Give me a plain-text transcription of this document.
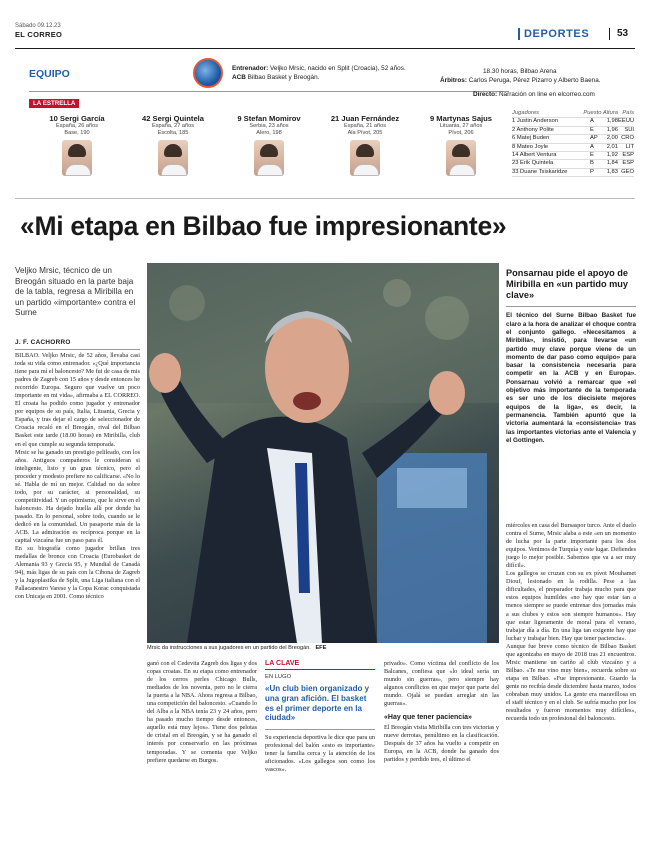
Sábado 09.12.23
EL CORREO	DEPORTES	53
EQUIPO	Entrenador: Veljko Mrsic, nacido en Split (Croacia), 52 años.
ACB Bilbao Basket y Breogán.
LA ESTRELLA
10 Sergi García
España, 26 años
Base, 190
42 Sergi Quintela
España, 27 años
Escolta, 185
9 Stefan Momirov
Serbia, 23 años
Alero, 198
21 Juan Fernández
España, 21 años
Ala Pívot, 205
9 Martynas Sajus
Lituania, 27 años
Pívot, 206
18.30 horas, Bilbao Arena
Árbitros: Carlos Peruga, Pérez Pizarro y Alberto Baena.
Directo: Narración on line en elcorreo.com
Jugadores	Puesto Altura País
1 Justin Anderson	A	1,98 EEUU
2 Anthony Polite	E	1,96	SUI
6 Matej Buden	AP	2,00 CRO
8 Mateo Joyle	A	2,01	LIT
14 Albert Ventura	E	1,92 ESP
23 Erik Quintela	B	1,84 ESP
33 Duane Tsiskaridze	P	1,83 GEO
«Mi etapa en Bilbao fue impresionante»
Veljko Mrsic, técnico de un Breogán situado en la parte baja de la tabla, regresa a Miribilla en un partido «importante» contra el Surne
J. F. CACHORRO
BILBAO. Veljko Mrsic, de 52 años, llevaba casi toda su vida como entrenador. «¿Qué importancia tiene para mí el baloncesto? Me fui de casa de mis padres de Zagreb con 15 años y desde entonces he recorrido Europa. Seguro que vuelve un poco importante en mi vida», afirmaba a EL CORREO. El croata ha podido como jugador y entrenador por equipos de su país, Italia, Lituania, Grecia y España, y tras dejar el cargo de seleccionador de Croacia recaló en el Breogán, rival del Bilbao Basket este tarde (18.00 horas) en Miribilla, club en el que cumple su segunda temporada.
Mrsic se ha ganado un prestigio pelileado, con los años. Antiguos compañeros le consideran si inteligente, listo y un gran técnico, pero el proceder y modesto prefiere no calificarse. «No lo sé. Habla de mí un mejor. Calidad no da sobre todo, por su carácter, si personalidad, su competitividad. Y un optimismo, que le sirve en el baloncesto. Ha dejado huella allí por donde ha pasado. En lo personal, sobre todo, cuando se le dedicó en la comunidad. Un pasaporte más de la ACB. La admiración es recíproca porque en la capital vizcaína fue un paso para él.
En su biografía como jugador brillan tres medallas de bronce con Croacia (Eurobasket de Alemania 93 y Grecia 95, y Mundial de Canadá 94), más ligas de su país con la Cibona de Zagreb y la Jugoplastika de Split, una Liga italiana con el Pallacanestro Varese y la Copa Korac conquistada con Unicaja en 2001. Como técnico
Mrsic da instrucciones a sus jugadores en un partido del Breogán. EFE
Ponsarnau pide el apoyo de Miribilla en «un partido muy clave»
El técnico del Surne Bilbao Basket fue claro a la hora de analizar el choque contra el conjunto gallego. «Necesitamos a Miribilla», insistió, para llevarse «un partido muy clave porque viene de un momento de dar paso como equipo» para basar la consistencia necesaria para competir en la ACB y en Europa». Ponsarnau volvió a remarcar que «el objetivo más importante de la temporada es ser uno de los diecisiete mejores equipos de la liga», es decir, la permanencia. También apuntó que la victoria aumentará la «consistencia» tras las importantes victorias ante el Valencia y el Gottingen.
miércoles en casa del Bursaspor turco. Ante el duelo contra el Surne, Mrsic alaba a este «en un momento de lucha por la parte importante para los dos equipos. Venimos de Turquía y este lugar. Defiendes juego lo mejor posible. Sabemos que va a ser muy difícil».
Los gallegos se cruzan con su ex pívot Mouhamet Diouf, lesionado en la rodilla. Pese a las dificultades, el preparador trabaja mucho para que estos equipos humildes «no hay que estar tan a menos siempre se puede entrenar dos jornadas más a sus clubes y estos son siempre humanos». Hay que estar ligeramente de moral para el verano, trabajar día a día. En una liga tan exigente hay que luchar y trabajar bien. Hay que tener paciencia».
Aunque fue breve como técnico de Bilbao Basket que agonizaba en mayo de 2018 tras 21 encuentros. Mrsic mantiene un cariño al club vizcaíno y a Bilbao. «Te me vino muy bien», recuerda sobre su etapa en Bilbao. «Fue impresionante. Guardo la gente no recibía desde diciembre hasta marzo, todos cobraban muy unidos. La gente era maravillosa en el staff técnico y en el club. Se sufría mucho por los resultados y fueron momentos muy difíciles», recuerda todo un profesional del baloncesto.
ganó con el Cedevita Zagreb dos ligas y dos copas croatas. En su etapa como entrenador de los cerros perles Chicago Bulls, mediados de los noventa, pero no le cierra la puerta a la NBA. Ahora regresa a Bilbao, una competición del baloncesto. «Cuando lo del Alba a la NBA tenía 23 y 24 años, pero ha pasado mucho tiempo desde entonces, aquello está muy lejos». Tiene dos pelotas de cristal en el Breogán, y se ha ganado el interés por conservarlo en las próximas temporadas. Y se comenta que Veljko prefiere quedarse en Burgos.
LA CLAVE
EN LUGO
«Un club bien organizado y una gran afición. El basket es el primer deporte en la ciudad»
Su experiencia deportiva le dice que para un profesional del balón «esto es importante» tener la familia cerca y la atención de los aficionados. «Los gallegos son como los vascos».
privado». Como víctima del conflicto de los Balcanes, confiesa que «lo ideal sería un mundo sin guerras», pero siempre hay algunos conflictos en que mejor que parte del mundo. Ojalá se puedan arreglar sin las guerras».
«Hay que tener paciencia»
El Breogán visita Miribilla con tres victorias y nueve derrotas, penúltimo en la clasificación. Después de 37 años ha vuelto a competir en Europa, en la ACB, donde ha ganado dos partidos y perdido tres, el último el
